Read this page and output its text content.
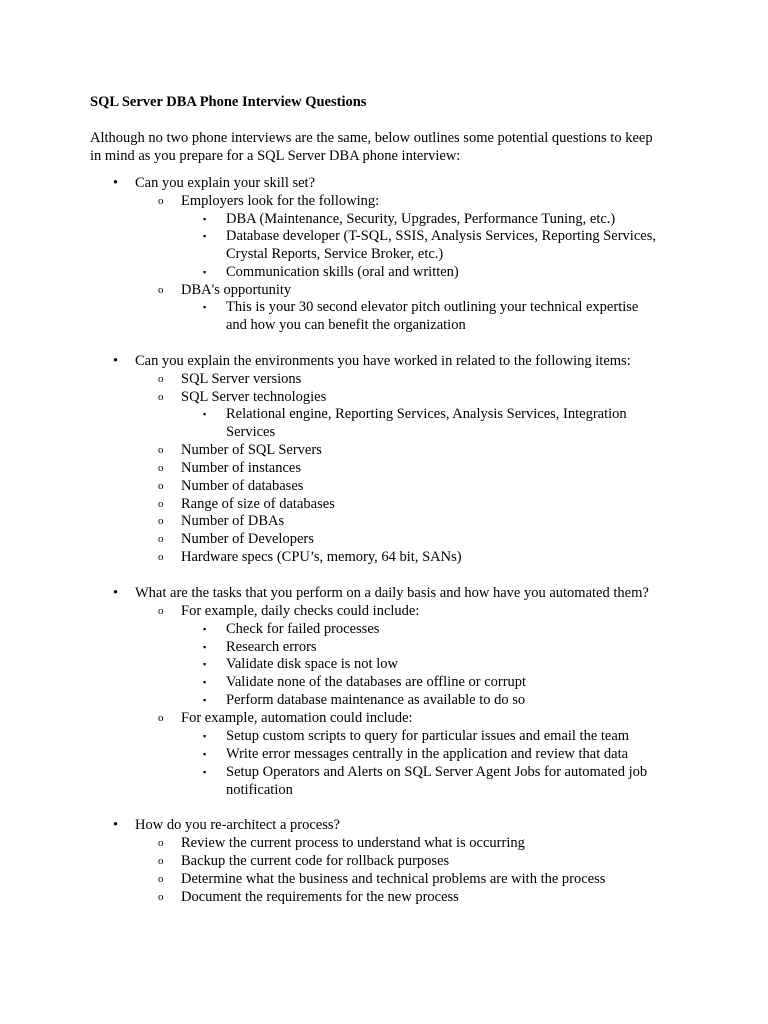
SQL Server DBA Phone Interview Questions
Although no two phone interviews are the same, below outlines some potential questions to keep
in mind as you prepare for a SQL Server DBA phone interview:
• Can you explain your skill set?
o Employers look for the following:
▪ DBA (Maintenance, Security, Upgrades, Performance Tuning, etc.)
▪ Database developer (T-SQL, SSIS, Analysis Services, Reporting Services,
Crystal Reports, Service Broker, etc.)
▪ Communication skills (oral and written)
o DBA's opportunity
▪ This is your 30 second elevator pitch outlining your technical expertise
and how you can benefit the organization
• Can you explain the environments you have worked in related to the following items:
o SQL Server versions
o SQL Server technologies
▪ Relational engine, Reporting Services, Analysis Services, Integration
Services
o Number of SQL Servers
o Number of instances
o Number of databases
o Range of size of databases
o Number of DBAs
o Number of Developers
o Hardware specs (CPU’s, memory, 64 bit, SANs)
• What are the tasks that you perform on a daily basis and how have you automated them?
o For example, daily checks could include:
▪ Check for failed processes
▪ Research errors
▪ Validate disk space is not low
▪ Validate none of the databases are offline or corrupt
▪ Perform database maintenance as available to do so
o For example, automation could include:
▪ Setup custom scripts to query for particular issues and email the team
▪ Write error messages centrally in the application and review that data
▪ Setup Operators and Alerts on SQL Server Agent Jobs for automated job
notification
• How do you re-architect a process?
o Review the current process to understand what is occurring
o Backup the current code for rollback purposes
o Determine what the business and technical problems are with the process
o Document the requirements for the new process
